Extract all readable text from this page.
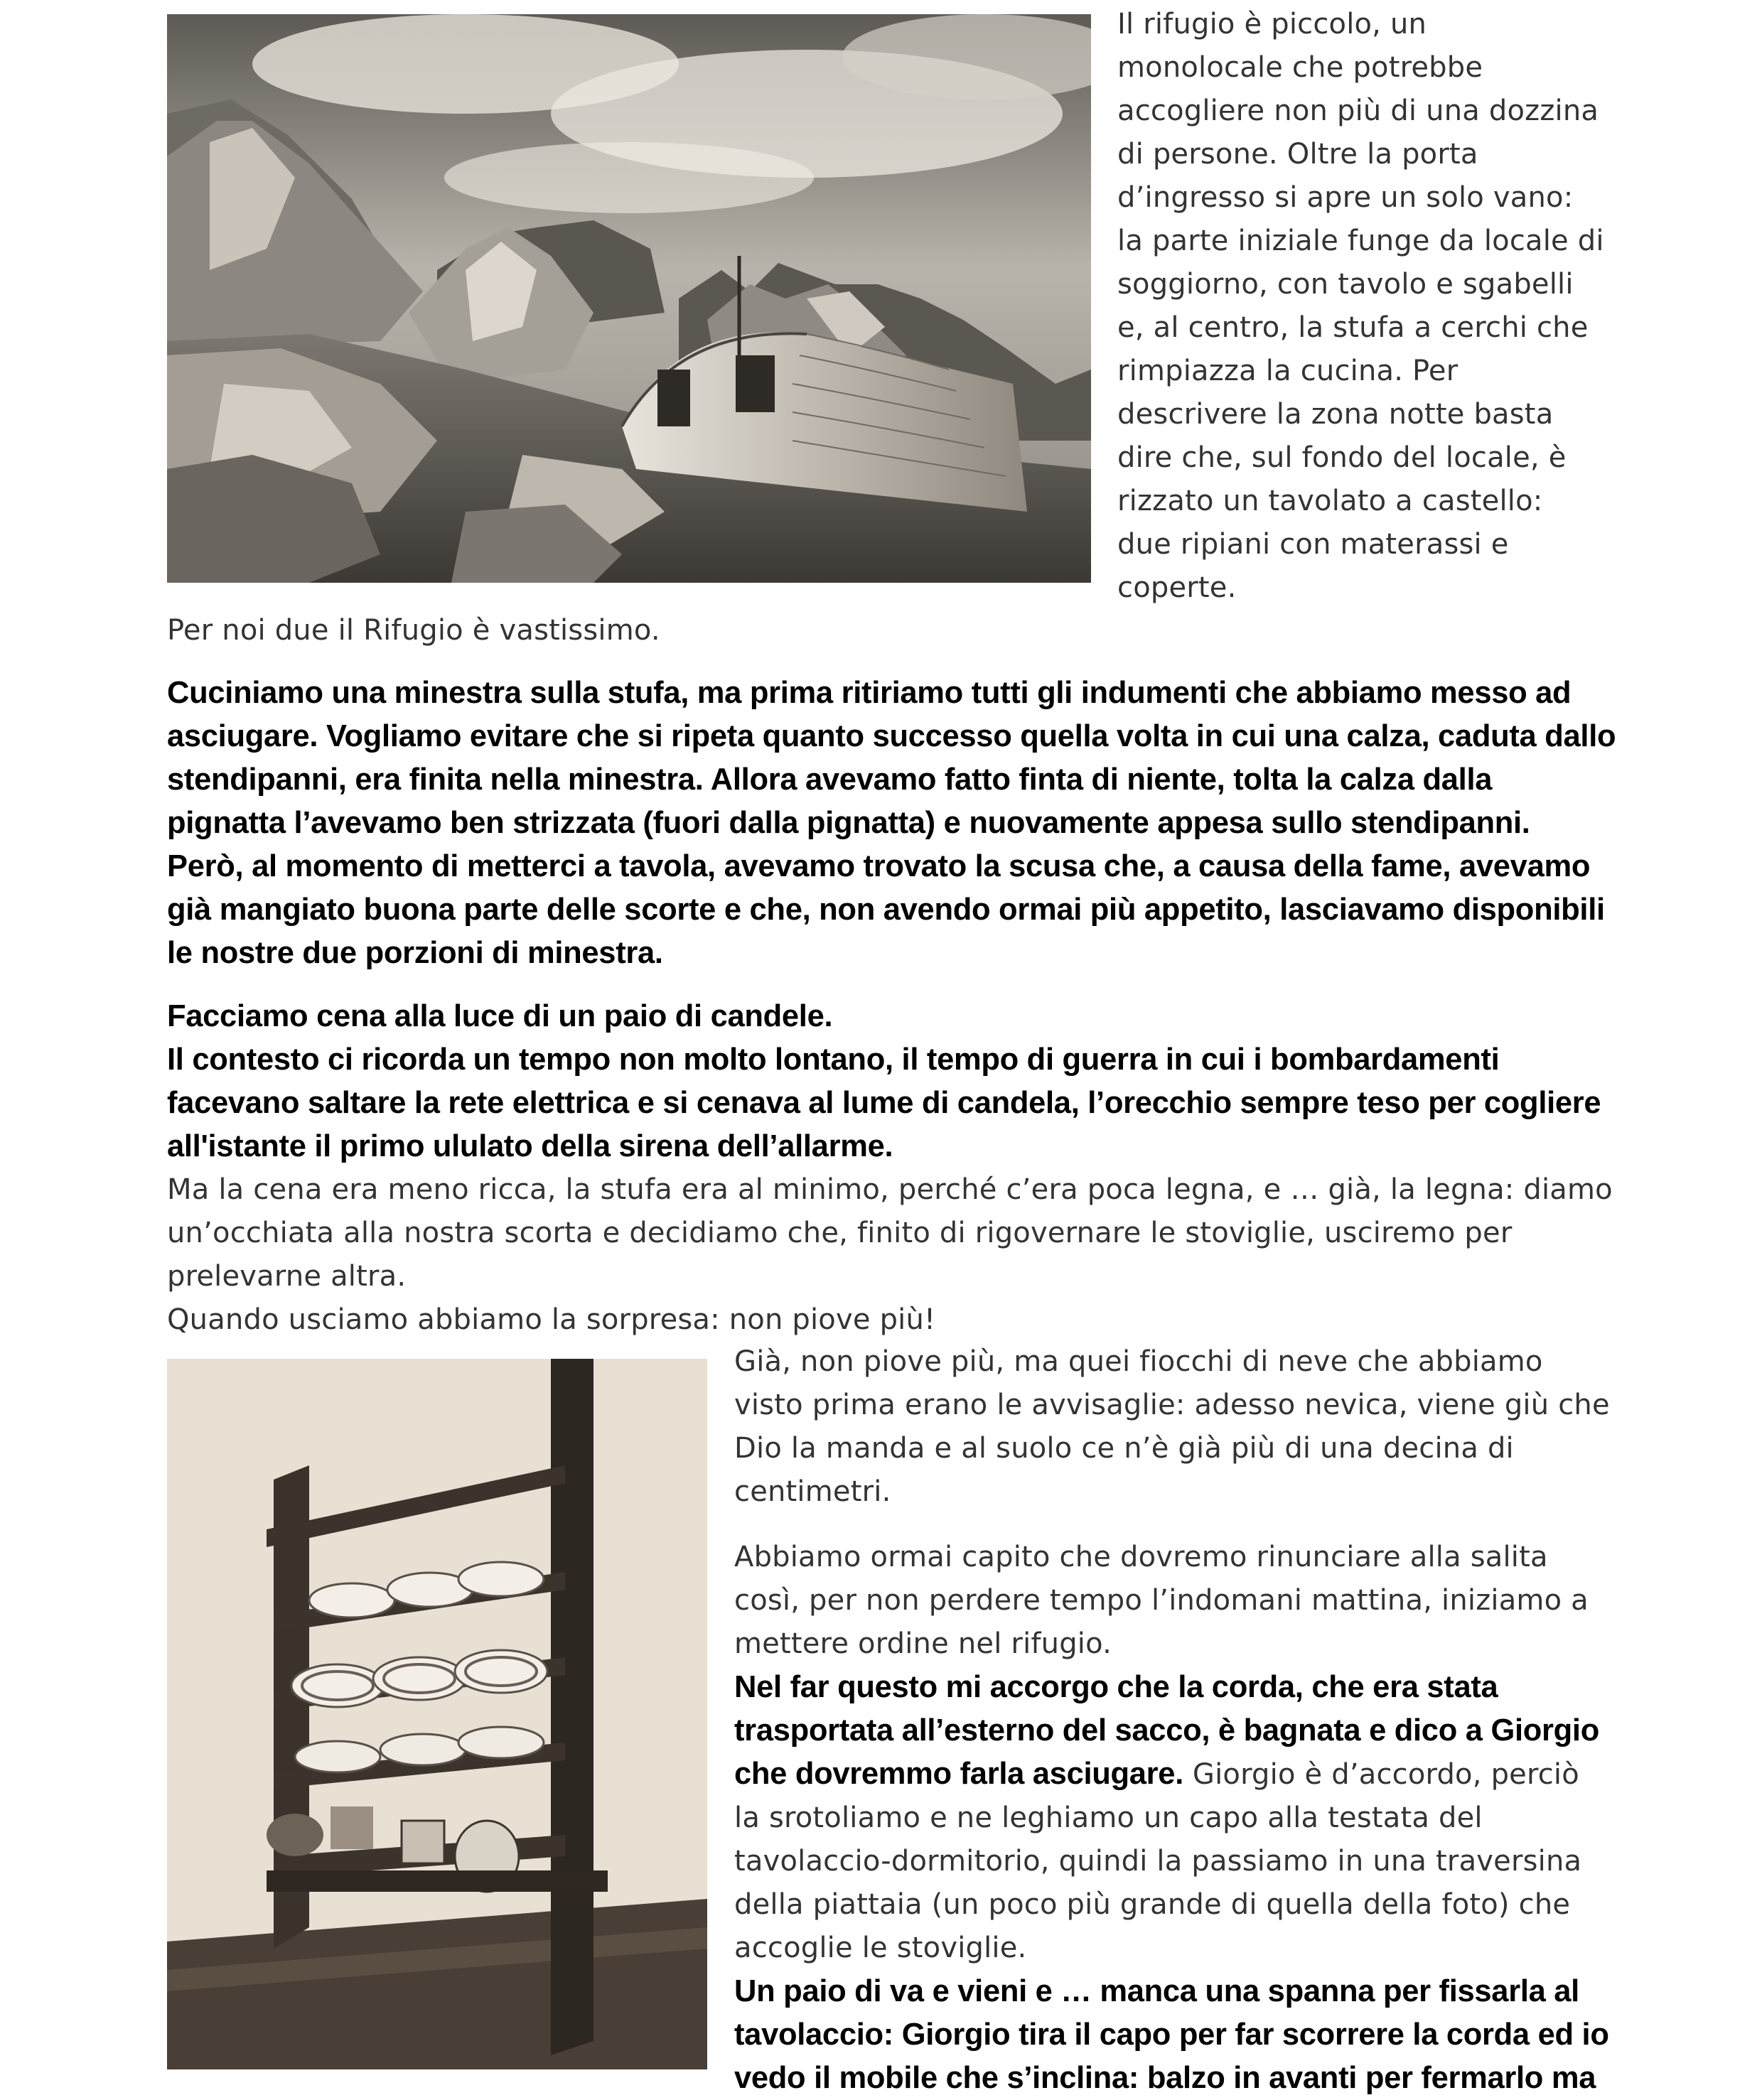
Il rifugio è piccolo, un

monolocale che potrebbe

accogliere non più di una dozzina

di persone. Oltre la porta

d’ingresso si apre un solo vano:

la parte iniziale funge da locale di

soggiorno, con tavolo e sgabelli

e, al centro, la stufa a cerchi che

rimpiazza la cucina. Per

descrivere la zona notte basta

dire che, sul fondo del locale, è

rizzato un tavolato a castello:

due ripiani con materassi e

coperte.

Per noi due il Rifugio è vastissimo.

Cuciniamo una minestra sulla stufa, ma prima ritiriamo tutti gli indumenti che abbiamo messo ad

asciugare. Vogliamo evitare che si ripeta quanto successo quella volta in cui una calza, caduta dallo

stendipanni, era finita nella minestra. Allora avevamo fatto finta di niente, tolta la calza dalla

pignatta l’avevamo ben strizzata (fuori dalla pignatta) e nuovamente appesa sullo stendipanni.

Però, al momento di metterci a tavola, avevamo trovato la scusa che, a causa della fame, avevamo

già mangiato buona parte delle scorte e che, non avendo ormai più appetito, lasciavamo disponibili

le nostre due porzioni di minestra.

Facciamo cena alla luce di un paio di candele.

Il contesto ci ricorda un tempo non molto lontano, il tempo di guerra in cui i bombardamenti

facevano saltare la rete elettrica e si cenava al lume di candela, l’orecchio sempre teso per cogliere

all'istante il primo ululato della sirena dell’allarme.

Ma la cena era meno ricca, la stufa era al minimo, perché c’era poca legna, e … già, la legna: diamo

un’occhiata alla nostra scorta e decidiamo che, finito di rigovernare le stoviglie, usciremo per

prelevarne altra.

Quando usciamo abbiamo la sorpresa: non piove più!

Già, non piove più, ma quei fiocchi di neve che abbiamo

visto prima erano le avvisaglie: adesso nevica, viene giù che

Dio la manda e al suolo ce n’è già più di una decina di

centimetri.

Abbiamo ormai capito che dovremo rinunciare alla salita

così, per non perdere tempo l’indomani mattina, iniziamo a

mettere ordine nel rifugio.

Nel far questo mi accorgo che la corda, che era stata

trasportata all’esterno del sacco, è bagnata e dico a Giorgio

che dovremmo farla asciugare. Giorgio è d’accordo, perciò

la srotoliamo e ne leghiamo un capo alla testata del

tavolaccio-dormitorio, quindi la passiamo in una traversina

della piattaia (un poco più grande di quella della foto) che

accoglie le stoviglie.

Un paio di va e vieni e … manca una spanna per fissarla al

tavolaccio: Giorgio tira il capo per far scorrere la corda ed io

vedo il mobile che s’inclina: balzo in avanti per fermarlo ma
